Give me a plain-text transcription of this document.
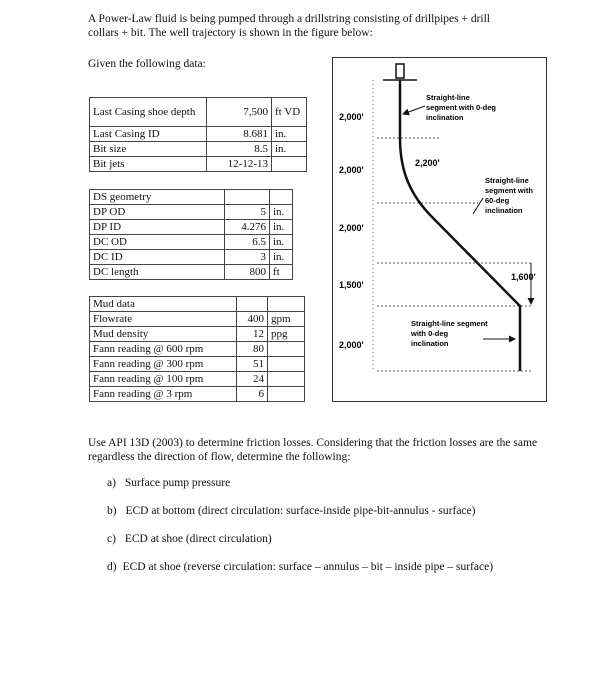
A Power-Law fluid is being pumped through a drillstring consisting of drillpipes + drill collars + bit. The well trajectory is shown in the figure below:
Given the following data:
Last Casing shoe depth	7,500	ft VD
Last Casing ID	8.681	in.
Bit size	8.5	in.
Bit jets	12-12-13	
DS geometry		
DP OD	5	in.
DP ID	4.276	in.
DC OD	6.5	in.
DC ID	3	in.
DC length	800	ft
Mud data		
Flowrate	400	gpm
Mud density	12	ppg
Fann reading @ 600 rpm	80	
Fann reading @ 300 rpm	51	
Fann reading @ 100 rpm	24	
Fann reading @ 3 rpm	6	
2,000'
2,000'
2,000'
1,500'
2,000'
2,200'
1,600'
Straight-line
segment with 0-deg
inclination
Straight-line
segment with
60-deg
inclination
Straight-line segment
with 0-deg
inclination
Use API 13D (2003) to determine friction losses. Considering that the friction losses are the same regardless the direction of flow, determine the following:
a) Surface pump pressure
b) ECD at bottom (direct circulation: surface-inside pipe-bit-annulus - surface)
c) ECD at shoe (direct circulation)
d) ECD at shoe (reverse circulation: surface – annulus – bit – inside pipe – surface)
